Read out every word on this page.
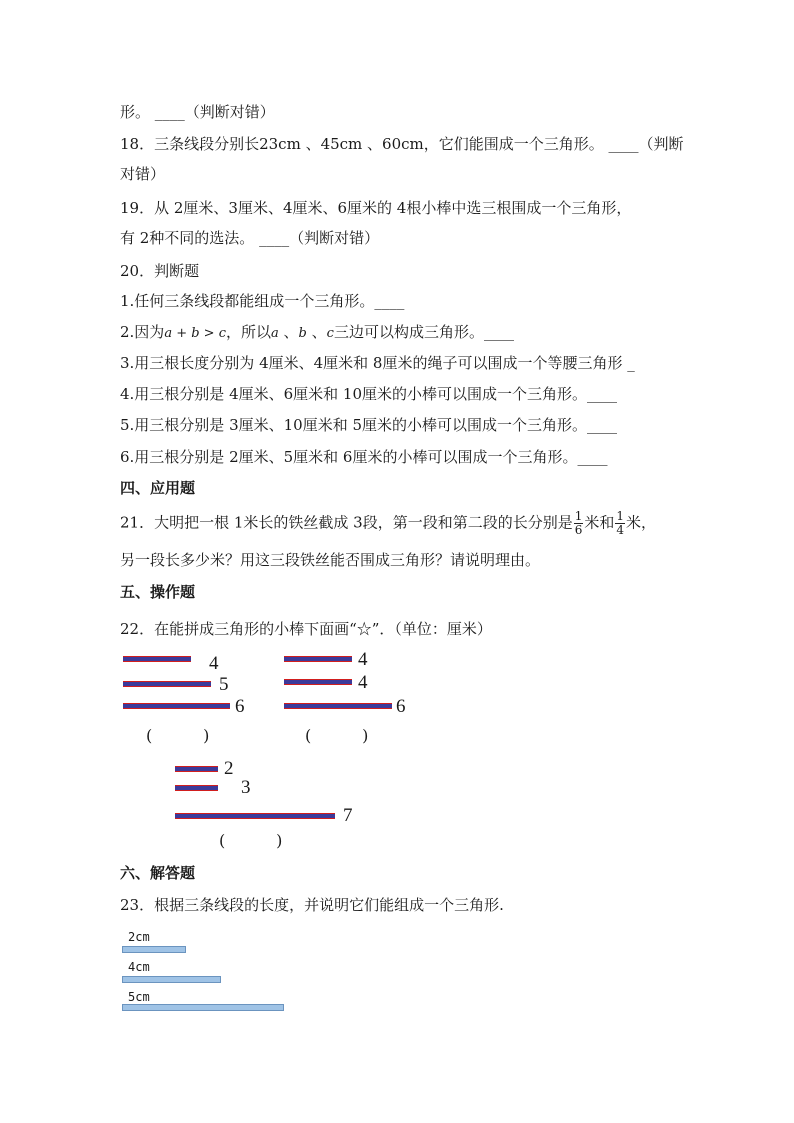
形。 ____（判断对错）
18．三条线段分别长23cm 、45cm 、60cm，它们能围成一个三角形。 ____（判断
对错）
19．从 2厘米、3厘米、4厘米、6厘米的 4根小棒中选三根围成一个三角形，
有 2种不同的选法。 ____（判断对错）
20．判断题
1.任何三条线段都能组成一个三角形。____
2.因为a + b > c，所以a 、b 、c三边可以构成三角形。____
3.用三根长度分别为 4厘米、4厘米和 8厘米的绳子可以围成一个等腰三角形 _
4.用三根分别是 4厘米、6厘米和 10厘米的小棒可以围成一个三角形。____
5.用三根分别是 3厘米、10厘米和 5厘米的小棒可以围成一个三角形。____
6.用三根分别是 2厘米、5厘米和 6厘米的小棒可以围成一个三角形。____
四、应用题
21．大明把一根 1米长的铁丝截成 3段，第一段和第二段的长分别是 $\frac{1}{6}$ 米和 $\frac{1}{4}$ 米，
另一段长多少米？用这三段铁丝能否围成三角形？请说明理由。
五、操作题
22．在能拼成三角形的小棒下面画“☆”．（单位：厘米）
4
5
6
(          )
4
4
6
(          )
2
3
7
(          )
六、解答题
23．根据三条线段的长度，并说明它们能组成一个三角形.
2cm
4cm
5cm
